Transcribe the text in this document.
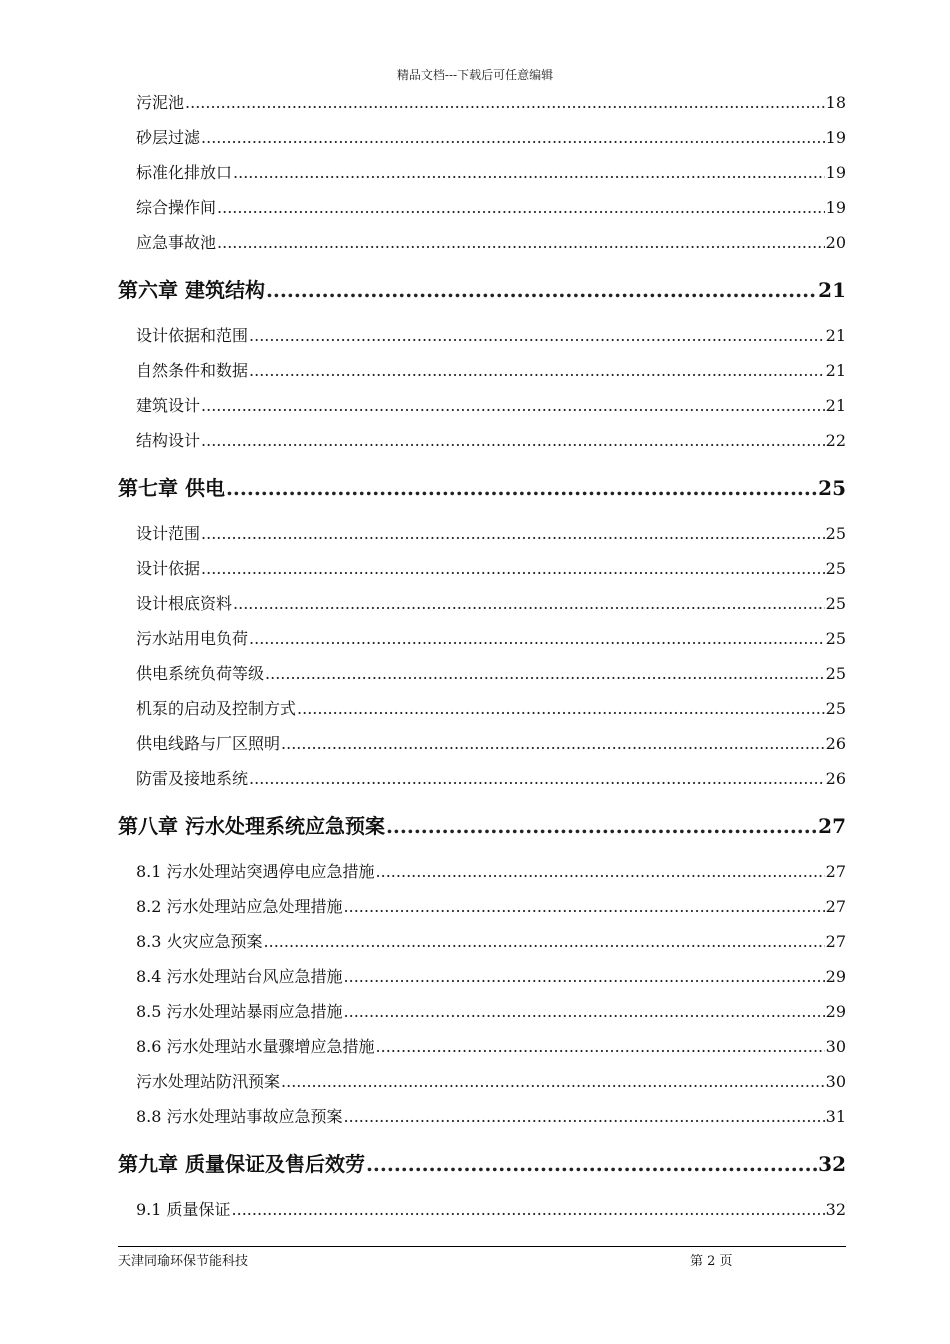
精品文档---下载后可任意编辑
污泥池 .....	18
砂层过滤 .....	19
标准化排放口 .....	19
综合操作间 .....	19
应急事故池 .....	20
第六章 建筑结构 .....	21
设计依据和范围 .....	21
自然条件和数据 .....	21
建筑设计 .....	21
结构设计 .....	22
第七章 供电 .....	25
设计范围 .....	25
设计依据 .....	25
设计根底资料 .....	25
污水站用电负荷 .....	25
供电系统负荷等级 .....	25
机泵的启动及控制方式 .....	25
供电线路与厂区照明 .....	26
防雷及接地系统 .....	26
第八章 污水处理系统应急预案 .....	27
8.1 污水处理站突遇停电应急措施 .....	27
8.2 污水处理站应急处理措施 .....	27
8.3 火灾应急预案 .....	27
8.4 污水处理站台风应急措施 .....	29
8.5 污水处理站暴雨应急措施 .....	29
8.6 污水处理站水量骤增应急措施 .....	30
污水处理站防汛预案 .....	30
8.8 污水处理站事故应急预案 .....	31
第九章 质量保证及售后效劳 .....	32
9.1 质量保证 .....	32
天津同瑜环保节能科技	第 2 页
